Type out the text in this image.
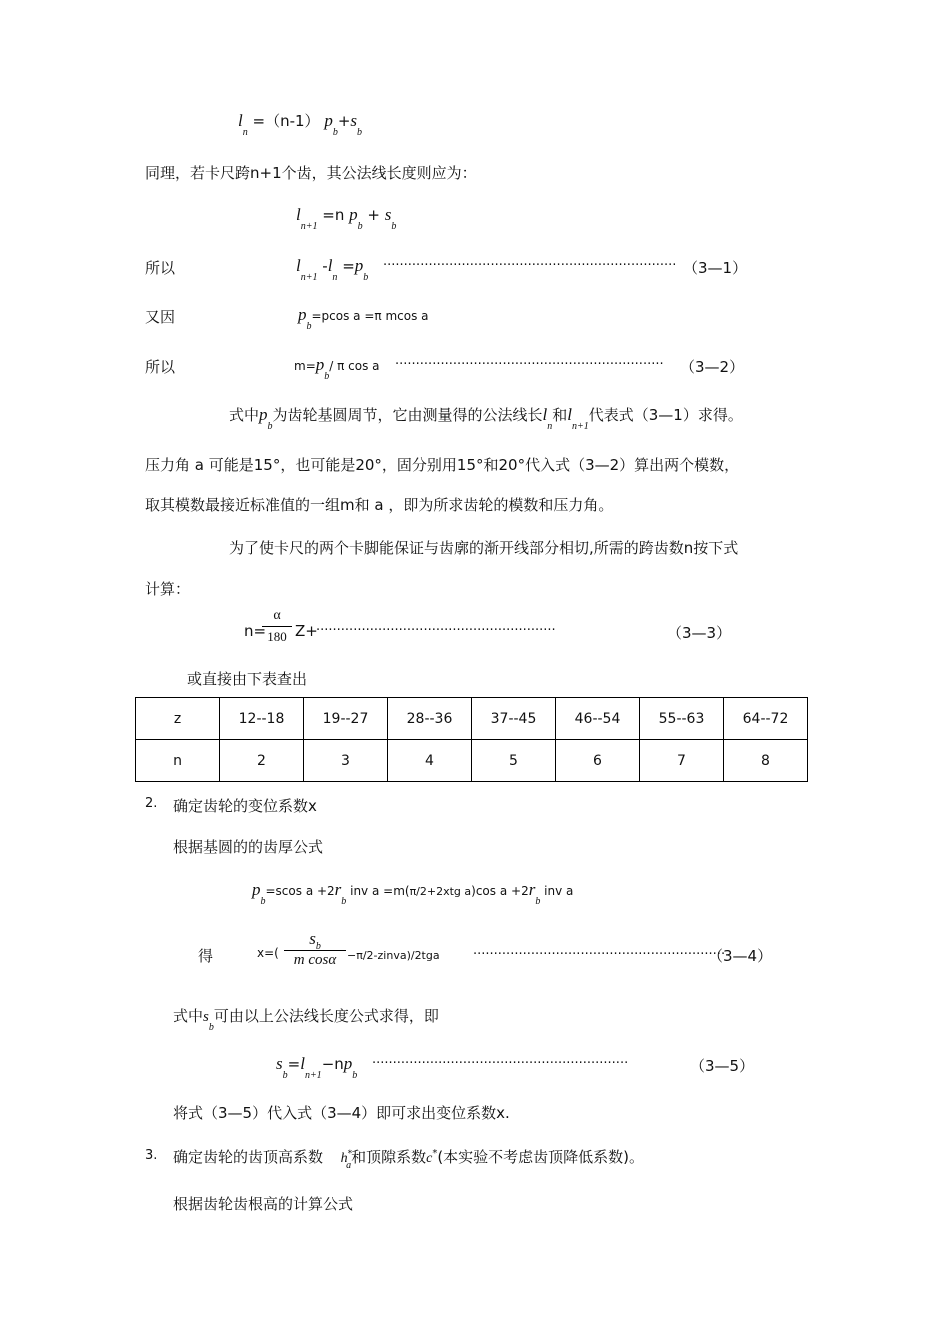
$l_n =(n-1)$ $p_b+s_b$
同理，若卡尺跨n+1个齿，其公法线长度则应为：
$l_{n+1} =n$ $p_b + s_b$
所以	$l_{n+1}$ $-l_n =p_b$
······································································· （3—1）
又因	$p_b=pcos$ a =π mcos a
所以	$m=p_b/$ π cos a ································································· （3—2）
式中$p_b$为齿轮基圆周节，它由测量得的公法线长$l_n$和$l_{n+1}$代表式（3—1）求得。
压力角 a 可能是15°，也可能是20°，固分别用15°和20°代入式（3—2）算出两个模数，
取其模数最接近标准值的一组m和 a ，即为所求齿轮的模数和压力角。
为了使卡尺的两个卡脚能保证与齿廓的渐开线部分相切,所需的跨齿数n按下式
计算：
n=
$\frac{\alpha}{180} Z+$
··························································	（3—3）
或直接由下表查出
z	12--18	19--27	28--36	37--45	46--54	55--63	64--72
n	2	3	4	5	6	7	8
2. 确定齿轮的变位系数x
根据基圆的的齿厚公式
$p_b=scos$ $a +2r_b$ inv a =m(π/2+2xtg a)cos $a +2r_b$ inv a
得	$x=( \frac{s_b}{\text{m cosα}}$ −π/2-zinva)/2tga	·····························································
（3—4）
式中$s_b$可由以上公法线长度公式求得，即
$s_b=l_{n+1}-np_b$
······························································	（3—5）
将式（3—5）代入式（3—4）即可求出变位系数x.
3. 确定齿轮的齿顶高系数 $h^*_a$和顶隙系数c*(本实验不考虑齿顶降低系数)。
根据齿轮齿根高的计算公式
